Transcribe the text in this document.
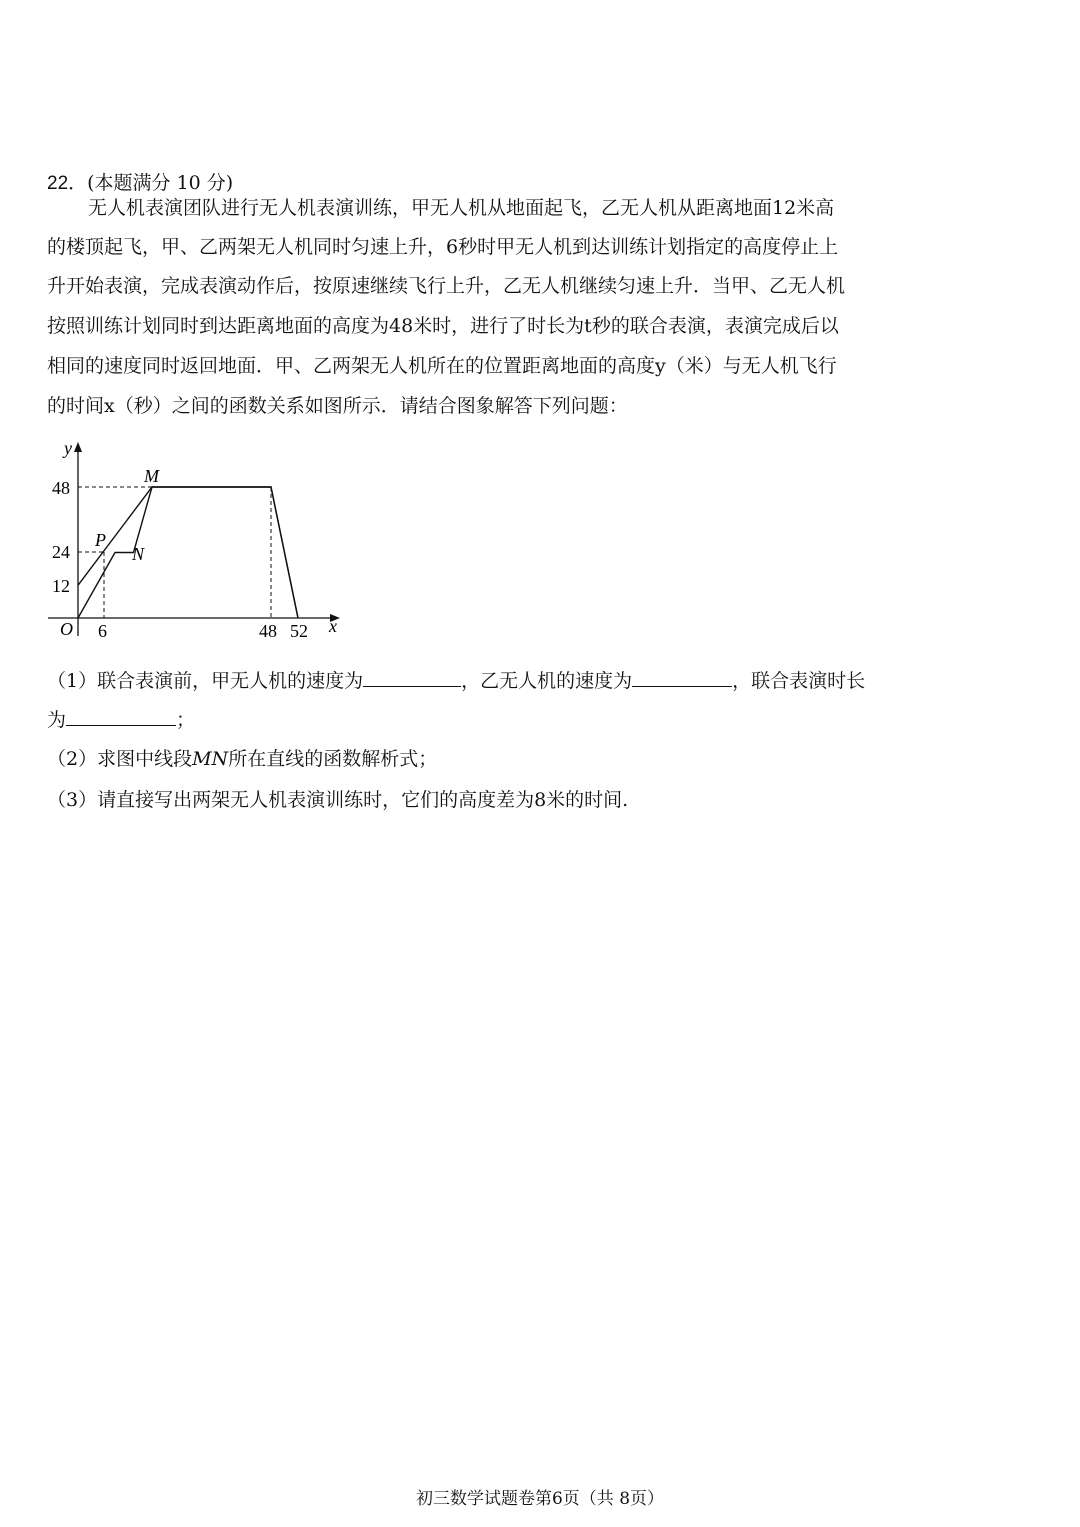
22．(本题满分 10 分)
无人机表演团队进行无人机表演训练，甲无人机从地面起飞，乙无人机从距离地面12米高
的楼顶起飞，甲、乙两架无人机同时匀速上升，6秒时甲无人机到达训练计划指定的高度停止上
升开始表演，完成表演动作后，按原速继续飞行上升，乙无人机继续匀速上升．当甲、乙无人机
按照训练计划同时到达距离地面的高度为48米时，进行了时长为t秒的联合表演，表演完成后以
相同的速度同时返回地面．甲、乙两架无人机所在的位置距离地面的高度y（米）与无人机飞行
的时间x（秒）之间的函数关系如图所示．请结合图象解答下列问题：
48
24
12
6	48 52
O
y
x
M
P
N
（1）联合表演前，甲无人机的速度为	，乙无人机的速度为	，联合表演时长
为	；
（2）求图中线段MN所在直线的函数解析式；
（3）请直接写出两架无人机表演训练时，它们的高度差为8米的时间.
初三数学试题卷第6页（共 8页）
